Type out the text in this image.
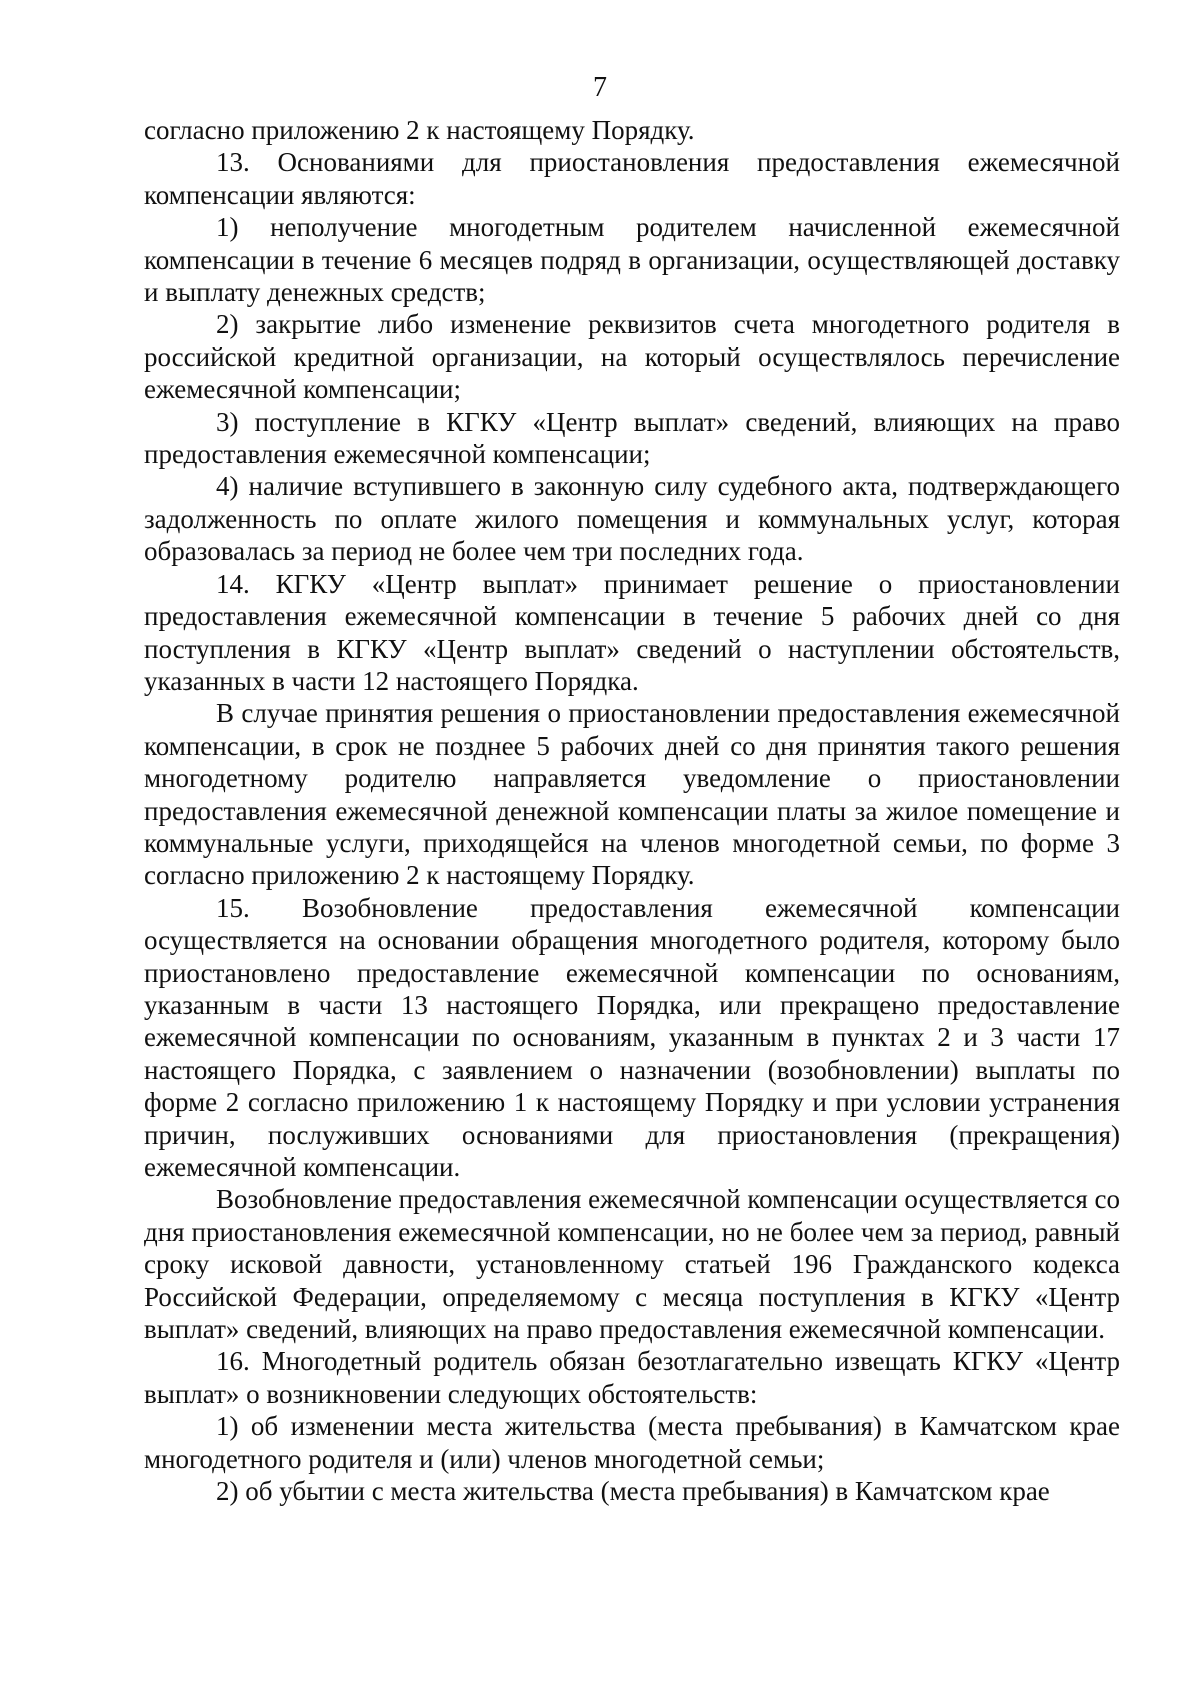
7

согласно приложению 2 к настоящему Порядку.

13. Основаниями для приостановления предоставления ежемесячной компенсации являются:

1) неполучение многодетным родителем начисленной ежемесячной компенсации в течение 6 месяцев подряд в организации, осуществляющей доставку и выплату денежных средств;

2) закрытие либо изменение реквизитов счета многодетного родителя в российской кредитной организации, на который осуществлялось перечисление ежемесячной компенсации;

3) поступление в КГКУ «Центр выплат» сведений, влияющих на право предоставления ежемесячной компенсации;

4) наличие вступившего в законную силу судебного акта, подтверждающего задолженность по оплате жилого помещения и коммунальных услуг, которая образовалась за период не более чем три последних года.

14. КГКУ «Центр выплат» принимает решение о приостановлении предоставления ежемесячной компенсации в течение 5 рабочих дней со дня поступления в КГКУ «Центр выплат» сведений о наступлении обстоятельств, указанных в части 12 настоящего Порядка.

В случае принятия решения о приостановлении предоставления ежемесячной компенсации, в срок не позднее 5 рабочих дней со дня принятия такого решения многодетному родителю направляется уведомление о приостановлении предоставления ежемесячной денежной компенсации платы за жилое помещение и коммунальные услуги, приходящейся на членов многодетной семьи, по форме 3 согласно приложению 2 к настоящему Порядку.

15. Возобновление предоставления ежемесячной компенсации осуществляется на основании обращения многодетного родителя, которому было приостановлено предоставление ежемесячной компенсации по основаниям, указанным в части 13 настоящего Порядка, или прекращено предоставление ежемесячной компенсации по основаниям, указанным в пунктах 2 и 3 части 17 настоящего Порядка, с заявлением о назначении (возобновлении) выплаты по форме 2 согласно приложению 1 к настоящему Порядку и при условии устранения причин, послуживших основаниями для приостановления (прекращения) ежемесячной компенсации.

Возобновление предоставления ежемесячной компенсации осуществляется со дня приостановления ежемесячной компенсации, но не более чем за период, равный сроку исковой давности, установленному статьей 196 Гражданского кодекса Российской Федерации, определяемому с месяца поступления в КГКУ «Центр выплат» сведений, влияющих на право предоставления ежемесячной компенсации.

16. Многодетный родитель обязан безотлагательно извещать КГКУ «Центр выплат» о возникновении следующих обстоятельств:

1) об изменении места жительства (места пребывания) в Камчатском крае многодетного родителя и (или) членов многодетной семьи;

2) об убытии с места жительства (места пребывания) в Камчатском крае
